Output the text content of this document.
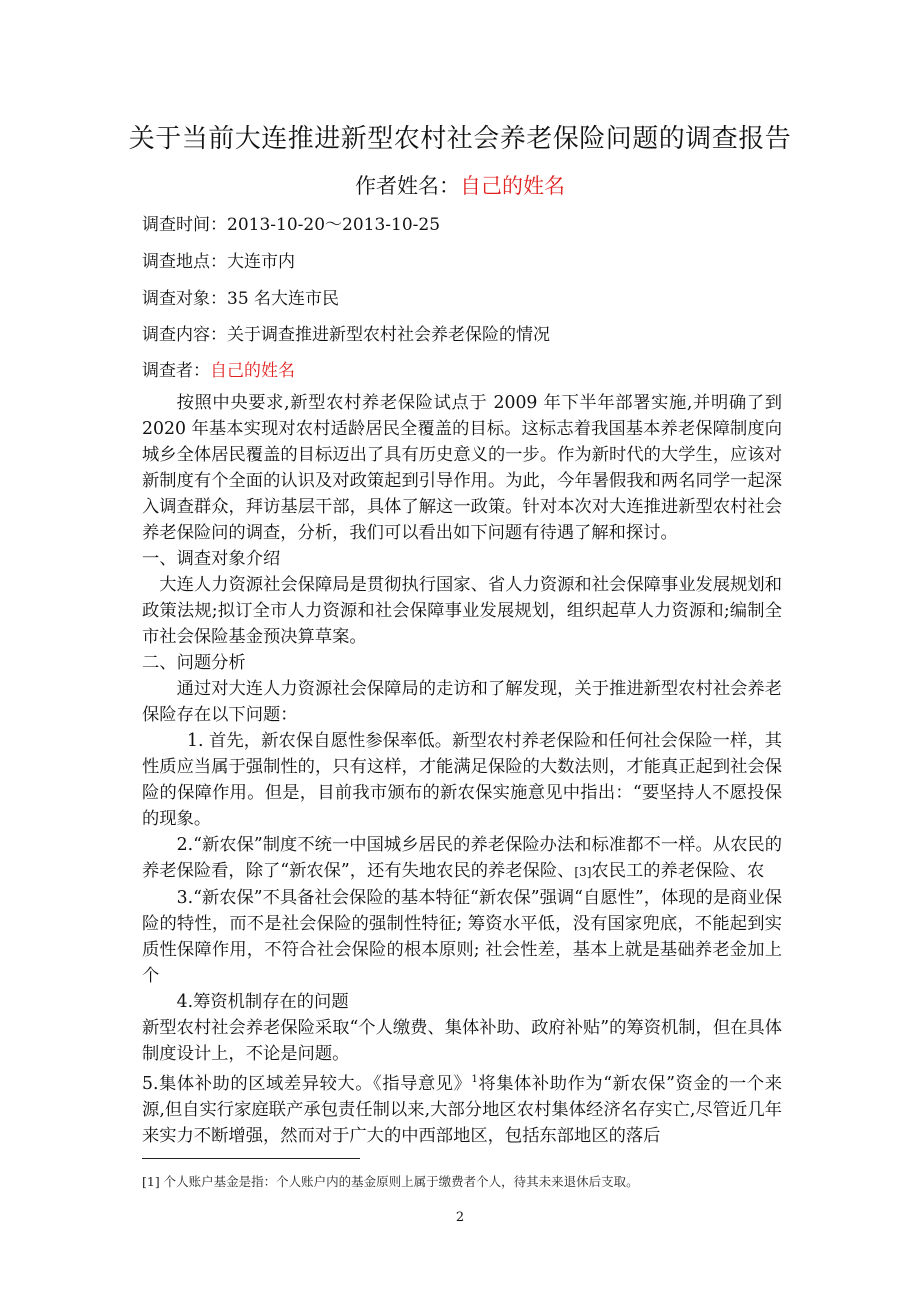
关于当前大连推进新型农村社会养老保险问题的调查报告
作者姓名：自己的姓名
调查时间：2013-10-20～2013-10-25
调查地点：大连市内
调查对象：35 名大连市民
调查内容：关于调查推进新型农村社会养老保险的情况
调查者：自己的姓名

按照中央要求,新型农村养老保险试点于 2009 年下半年部署实施,并明确了到 2020 年基本实现对农村适龄居民全覆盖的目标。这标志着我国基本养老保障制度向城乡全体居民覆盖的目标迈出了具有历史意义的一步。作为新时代的大学生，应该对新制度有个全面的认识及对政策起到引导作用。为此，今年暑假我和两名同学一起深入调查群众，拜访基层干部，具体了解这一政策。针对本次对大连推进新型农村社会养老保险问的调查，分析，我们可以看出如下问题有待遇了解和探讨。

一、调查对象介绍

大连人力资源社会保障局是贯彻执行国家、省人力资源和社会保障事业发展规划和政策法规;拟订全市人力资源和社会保障事业发展规划，组织起草人力资源和;编制全市社会保险基金预决算草案。

二、问题分析

通过对大连人力资源社会保障局的走访和了解发现，关于推进新型农村社会养老保险存在以下问题：

1. 首先，新农保自愿性参保率低。新型农村养老保险和任何社会保险一样，其性质应当属于强制性的，只有这样，才能满足保险的大数法则，才能真正起到社会保险的保障作用。但是，目前我市颁布的新农保实施意见中指出：“要坚持人不愿投保的现象。

2.“新农保”制度不统一中国城乡居民的养老保险办法和标准都不一样。从农民的养老保险看，除了“新农保”，还有失地农民的养老保险、[3]农民工的养老保险、农

3.“新农保”不具备社会保险的基本特征“新农保”强调“自愿性”，体现的是商业保险的特性，而不是社会保险的强制性特征; 筹资水平低，没有国家兜底，不能起到实质性保障作用，不符合社会保险的根本原则; 社会性差，基本上就是基础养老金加上个

4.筹资机制存在的问题

新型农村社会养老保险采取“个人缴费、集体补助、政府补贴”的筹资机制，但在具体制度设计上，不论是问题。

5.集体补助的区域差异较大。《指导意见》$^1$将集体补助作为“新农保”资金的一个来源,但自实行家庭联产承包责任制以来,大部分地区农村集体经济名存实亡,尽管近几年来实力不断增强，然而对于广大的中西部地区，包括东部地区的落后

[1] 个人账户基金是指：个人账户内的基金原则上属于缴费者个人，待其未来退休后支取。
2
